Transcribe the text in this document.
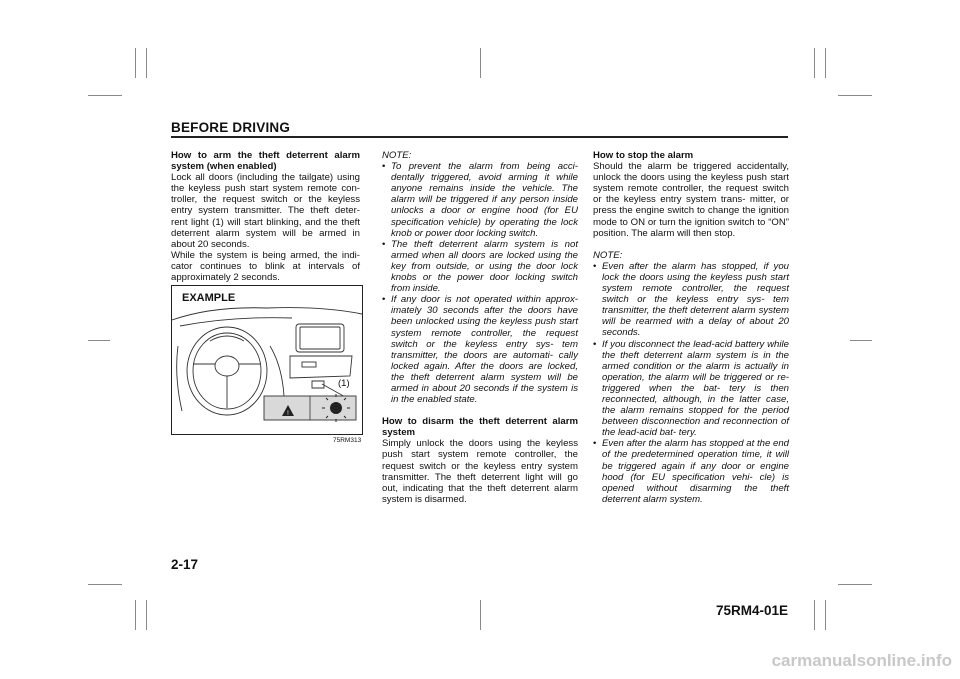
BEFORE DRIVING

How to arm the theft deterrent alarm system (when enabled)

Lock all doors (including the tailgate) using the keyless push start system remote con- troller, the request switch or the keyless entry system transmitter. The theft deter- rent light (1) will start blinking, and the theft deterrent alarm system will be armed in about 20 seconds.

While the system is being armed, the indi- cator continues to blink at intervals of approximately 2 seconds.

!
EXAMPLE
(1)
75RM313

NOTE:

• To prevent the alarm from being acci- dentally triggered, avoid arming it while anyone remains inside the vehicle. The alarm will be triggered if any person inside unlocks a door or engine hood (for EU specification vehicle) by operating the lock knob or power door locking switch.
• The theft deterrent alarm system is not armed when all doors are locked using the key from outside, or using the door lock knobs or the power door locking switch from inside.
• If any door is not operated within approx- imately 30 seconds after the doors have been unlocked using the keyless push start system remote controller, the request switch or the keyless entry sys- tem transmitter, the doors are automati- cally locked again. After the doors are locked, the theft deterrent alarm system will be armed in about 20 seconds if the system is in the enabled state.

How to disarm the theft deterrent alarm system

Simply unlock the doors using the keyless push start system remote controller, the request switch or the keyless entry system transmitter. The theft deterrent light will go out, indicating that the theft deterrent alarm system is disarmed.

How to stop the alarm

Should the alarm be triggered accidentally, unlock the doors using the keyless push start system remote controller, the request switch or the keyless entry system trans- mitter, or press the engine switch to change the ignition mode to ON or turn the ignition switch to “ON” position. The alarm will then stop.

NOTE:

• Even after the alarm has stopped, if you lock the doors using the keyless push start system remote controller, the request switch or the keyless entry sys- tem transmitter, the theft deterrent alarm system will be rearmed with a delay of about 20 seconds.
• If you disconnect the lead-acid battery while the theft deterrent alarm system is in the armed condition or the alarm is actually in operation, the alarm will be triggered or re-triggered when the bat- tery is then reconnected, although, in the latter case, the alarm remains stopped for the period between disconnection and reconnection of the lead-acid bat- tery.
• Even after the alarm has stopped at the end of the predetermined operation time, it will be triggered again if any door or engine hood (for EU specification vehi- cle) is opened without disarming the theft deterrent alarm system.
2-17
75RM4-01E
carmanualsonline.info
